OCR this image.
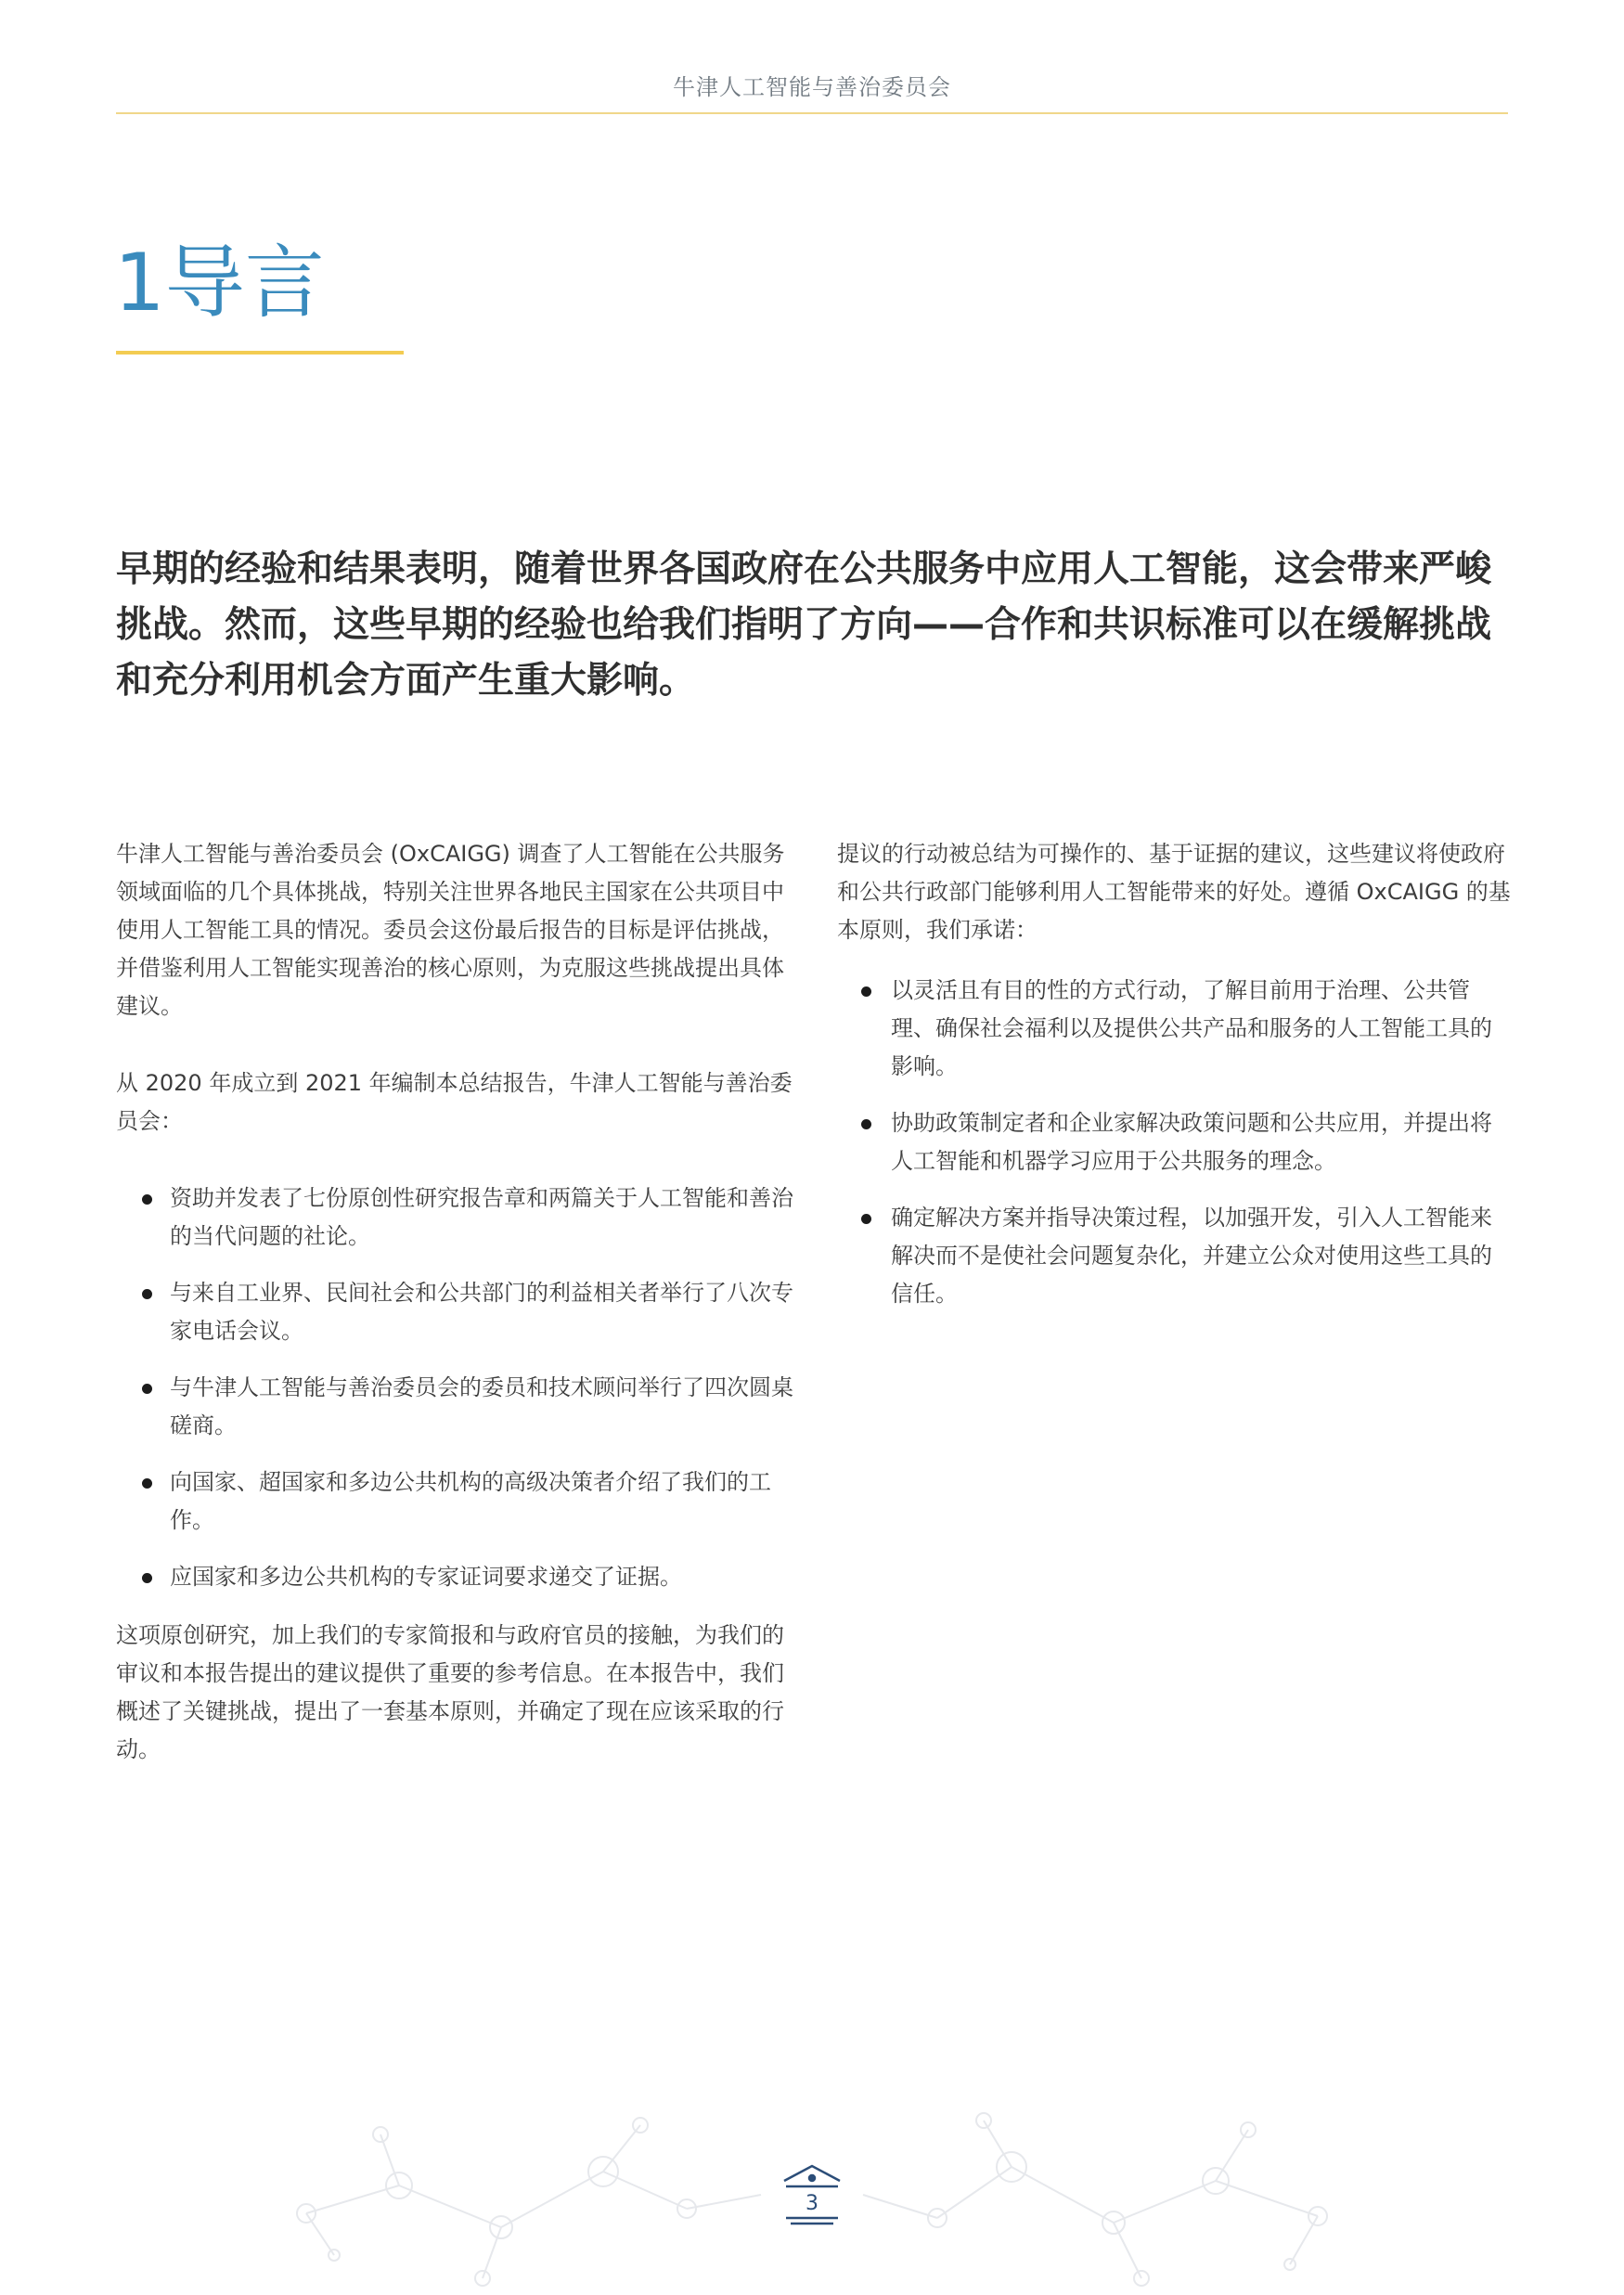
牛津人工智能与善治委员会
1导言

早期的经验和结果表明，随着世界各国政府在公共服务中应用人工智能，这会带来严峻挑战。然而，这些早期的经验也给我们指明了方向——合作和共识标准可以在缓解挑战和充分利用机会方面产生重大影响。

牛津人工智能与善治委员会 (OxCAIGG) 调查了人工智能在公共服务领域面临的几个具体挑战，特别关注世界各地民主国家在公共项目中使用人工智能工具的情况。委员会这份最后报告的目标是评估挑战，并借鉴利用人工智能实现善治的核心原则，为克服这些挑战提出具体建议。

从 2020 年成立到 2021 年编制本总结报告，牛津人工智能与善治委员会：

资助并发表了七份原创性研究报告章和两篇关于人工智能和善治的当代问题的社论。
与来自工业界、民间社会和公共部门的利益相关者举行了八次专家电话会议。
与牛津人工智能与善治委员会的委员和技术顾问举行了四次圆桌磋商。
向国家、超国家和多边公共机构的高级决策者介绍了我们的工作。
应国家和多边公共机构的专家证词要求递交了证据。

这项原创研究，加上我们的专家简报和与政府官员的接触，为我们的审议和本报告提出的建议提供了重要的参考信息。在本报告中，我们概述了关键挑战，提出了一套基本原则，并确定了现在应该采取的行动。

提议的行动被总结为可操作的、基于证据的建议，这些建议将使政府和公共行政部门能够利用人工智能带来的好处。遵循 OxCAIGG 的基本原则，我们承诺：

以灵活且有目的性的方式行动，了解目前用于治理、公共管理、确保社会福利以及提供公共产品和服务的人工智能工具的影响。
协助政策制定者和企业家解决政策问题和公共应用，并提出将人工智能和机器学习应用于公共服务的理念。
确定解决方案并指导决策过程，以加强开发，引入人工智能来解决而不是使社会问题复杂化，并建立公众对使用这些工具的信任。
3
